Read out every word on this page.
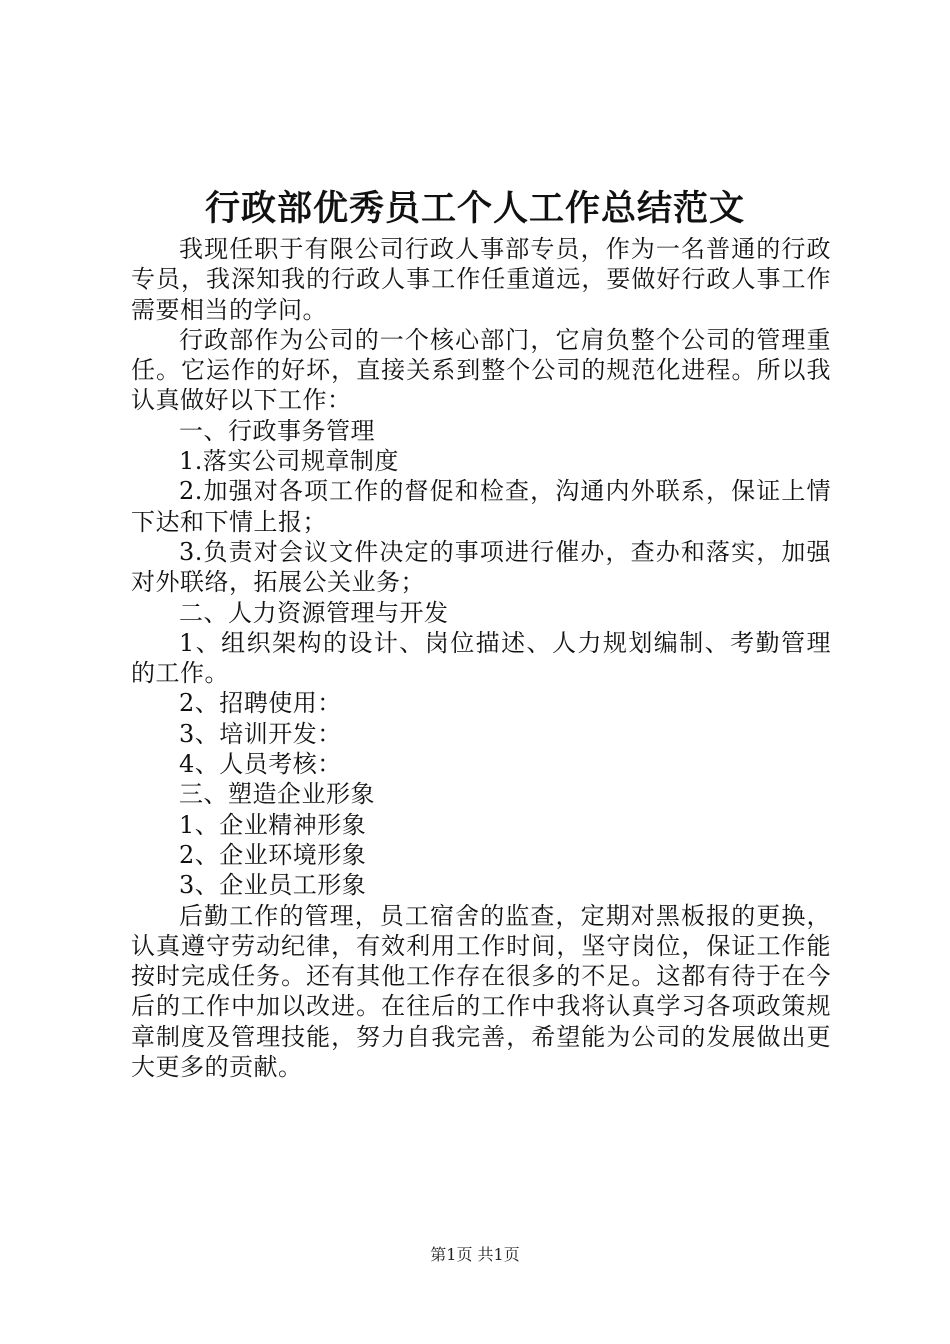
行政部优秀员工个人工作总结范文

我现任职于有限公司行政人事部专员，作为一名普通的行政专员，我深知我的行政人事工作任重道远，要做好行政人事工作需要相当的学问。

行政部作为公司的一个核心部门，它肩负整个公司的管理重任。它运作的好坏，直接关系到整个公司的规范化进程。所以我认真做好以下工作：

一、行政事务管理

1.落实公司规章制度

2.加强对各项工作的督促和检查，沟通内外联系，保证上情下达和下情上报；

3.负责对会议文件决定的事项进行催办，查办和落实，加强对外联络，拓展公关业务；

二、人力资源管理与开发

1、组织架构的设计、岗位描述、人力规划编制、考勤管理的工作。

2、招聘使用：

3、培训开发：

4、人员考核：

三、塑造企业形象

1、企业精神形象

2、企业环境形象

3、企业员工形象

后勤工作的管理，员工宿舍的监查，定期对黑板报的更换，认真遵守劳动纪律，有效利用工作时间，坚守岗位，保证工作能按时完成任务。还有其他工作存在很多的不足。这都有待于在今后的工作中加以改进。在往后的工作中我将认真学习各项政策规章制度及管理技能，努力自我完善，希望能为公司的发展做出更大更多的贡献。

第1页 共1页
